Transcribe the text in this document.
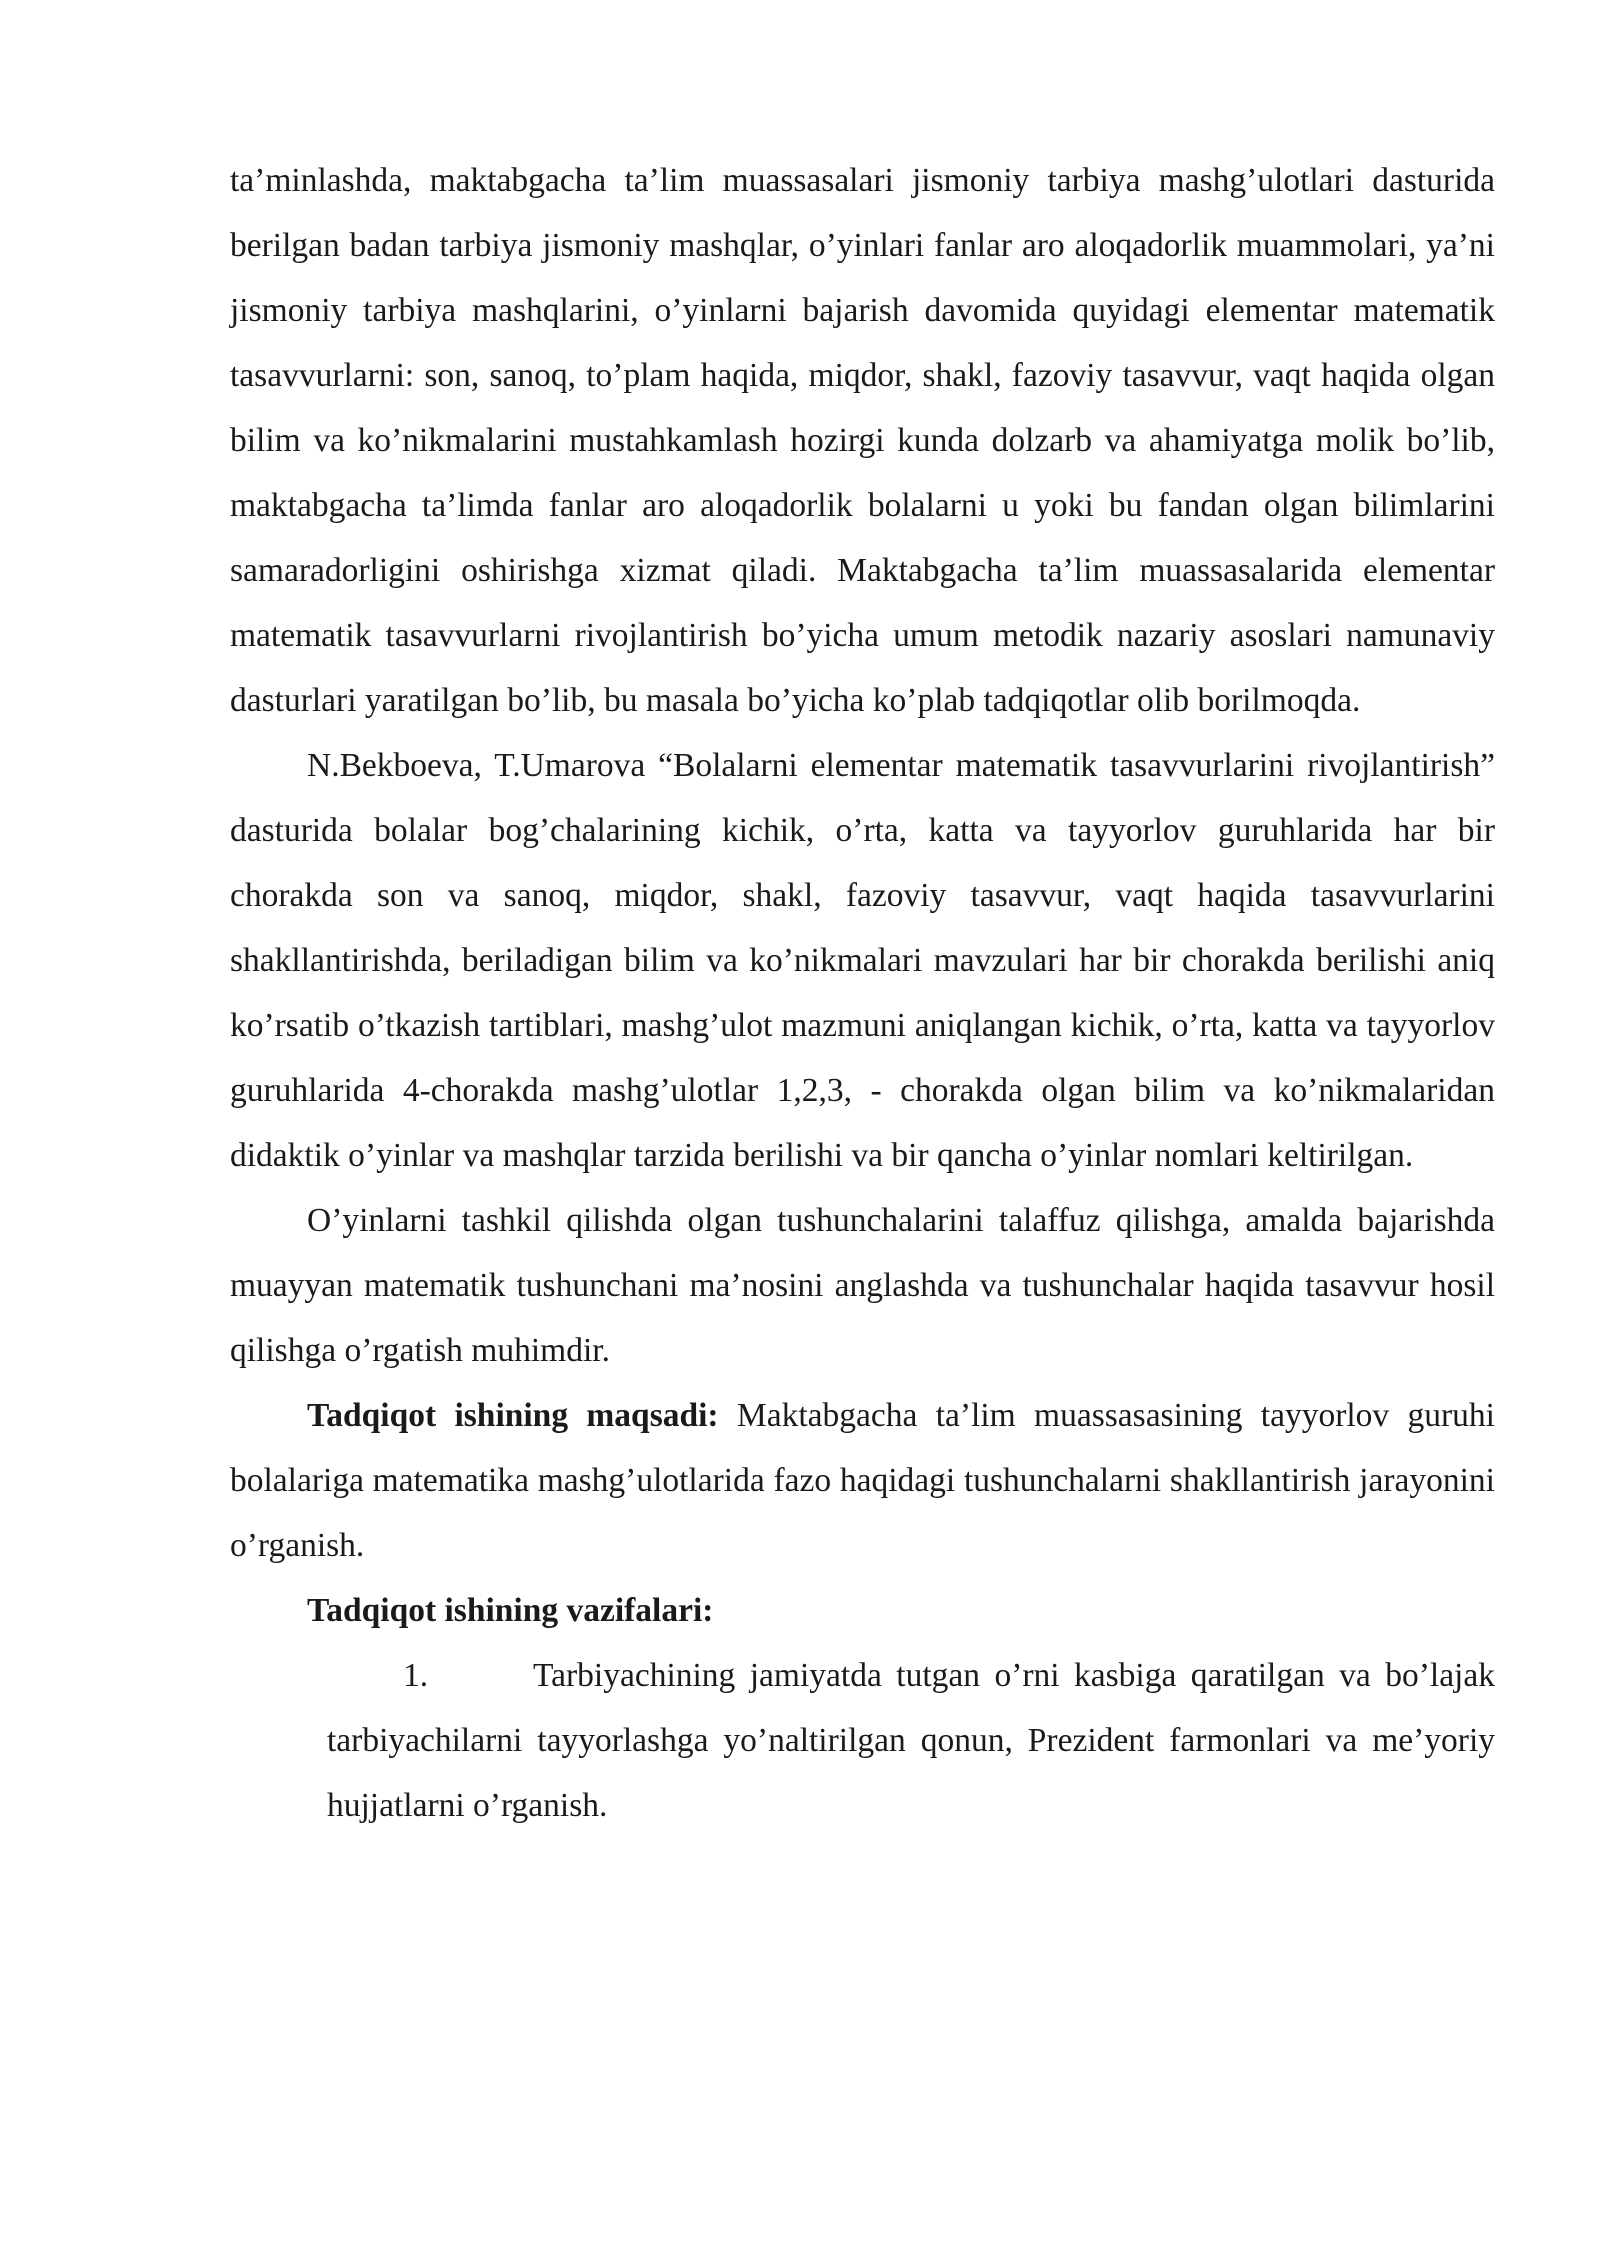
ta’minlashda, maktabgacha ta’lim muassasalari jismoniy tarbiya mashg’ulotlari dasturida berilgan badan tarbiya jismoniy mashqlar, o’yinlari fanlar aro aloqadorlik muammolari, ya’ni jismoniy tarbiya mashqlarini, o’yinlarni bajarish davomida quyidagi elementar matematik tasavvurlarni: son, sanoq, to’plam haqida, miqdor, shakl, fazoviy tasavvur, vaqt haqida olgan bilim va ko’nikmalarini mustahkamlash hozirgi kunda dolzarb va ahamiyatga molik bo’lib, maktabgacha ta’limda fanlar aro aloqadorlik bolalarni u yoki bu fandan olgan bilimlarini samaradorligini oshirishga xizmat qiladi. Maktabgacha ta’lim muassasalarida elementar matematik tasavvurlarni rivojlantirish bo’yicha umum metodik nazariy asoslari namunaviy dasturlari yaratilgan bo’lib, bu masala bo’yicha ko’plab tadqiqotlar olib borilmoqda.

N.Bekboeva, T.Umarova “Bolalarni elementar matematik tasavvurlarini rivojlantirish” dasturida bolalar bog’chalarining kichik, o’rta, katta va tayyorlov guruhlarida har bir chorakda son va sanoq, miqdor, shakl, fazoviy tasavvur, vaqt haqida tasavvurlarini shakllantirishda, beriladigan bilim va ko’nikmalari mavzulari har bir chorakda berilishi aniq ko’rsatib o’tkazish tartiblari, mashg’ulot mazmuni aniqlangan kichik, o’rta, katta va tayyorlov guruhlarida 4-chorakda mashg’ulotlar 1,2,3, - chorakda olgan bilim va ko’nikmalaridan didaktik o’yinlar va mashqlar tarzida berilishi va bir qancha o’yinlar nomlari keltirilgan.

O’yinlarni tashkil qilishda olgan tushunchalarini talaffuz qilishga, amalda bajarishda muayyan matematik tushunchani ma’nosini anglashda va tushunchalar haqida tasavvur hosil qilishga o’rgatish muhimdir.

Tadqiqot ishining maqsadi: Maktabgacha ta’lim muassasasining tayyorlov guruhi bolalariga matematika mashg’ulotlarida fazo haqidagi tushunchalarni shakllantirish jarayonini o’rganish.

Tadqiqot ishining vazifalari:

1.	Tarbiyachining jamiyatda tutgan o’rni kasbiga qaratilgan va bo’lajak tarbiyachilarni tayyorlashga yo’naltirilgan qonun, Prezident farmonlari va me’yoriy hujjatlarni o’rganish.
